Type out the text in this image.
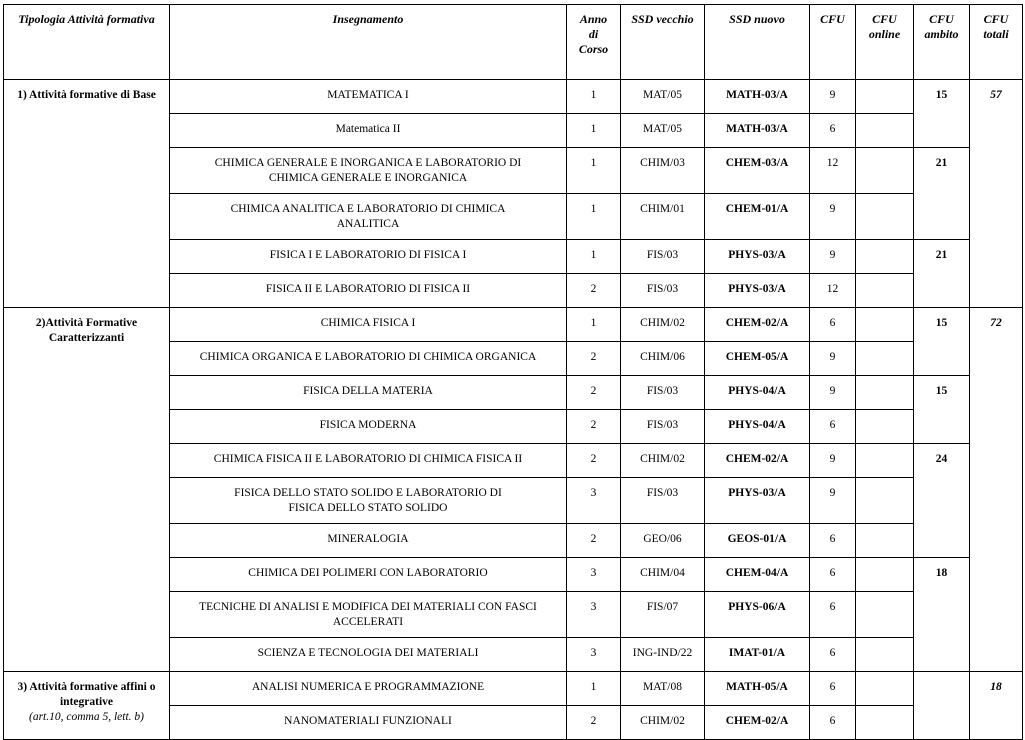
Tipologia Attività formativa	Insegnamento	Anno di Corso	SSD vecchio	SSD nuovo	CFU	CFU online	CFU ambito	CFU totali
1) Attività formative di Base	MATEMATICA I	1	MAT/05	MATH-03/A	9		15	57
	Matematica II	1	MAT/05	MATH-03/A	6			
	CHIMICA GENERALE E INORGANICA E LABORATORIO DI CHIMICA GENERALE E INORGANICA	1	CHIM/03	CHEM-03/A	12		21	
	CHIMICA ANALITICA E LABORATORIO DI CHIMICA ANALITICA	1	CHIM/01	CHEM-01/A	9			
	FISICA I E LABORATORIO DI FISICA I	1	FIS/03	PHYS-03/A	9		21	
	FISICA II E LABORATORIO DI FISICA II	2	FIS/03	PHYS-03/A	12			
2)Attività Formative Caratterizzanti	CHIMICA FISICA I	1	CHIM/02	CHEM-02/A	6		15	72
	CHIMICA ORGANICA E LABORATORIO DI CHIMICA ORGANICA	2	CHIM/06	CHEM-05/A	9			
	FISICA DELLA MATERIA	2	FIS/03	PHYS-04/A	9		15	
	FISICA MODERNA	2	FIS/03	PHYS-04/A	6			
	CHIMICA FISICA II E LABORATORIO DI CHIMICA FISICA II	2	CHIM/02	CHEM-02/A	9		24	
	FISICA DELLO STATO SOLIDO E LABORATORIO DI FISICA DELLO STATO SOLIDO	3	FIS/03	PHYS-03/A	9			
	MINERALOGIA	2	GEO/06	GEOS-01/A	6			
	CHIMICA DEI POLIMERI CON LABORATORIO	3	CHIM/04	CHEM-04/A	6		18	
	TECNICHE DI ANALISI E MODIFICA DEI MATERIALI CON FASCI ACCELERATI	3	FIS/07	PHYS-06/A	6			
	SCIENZA E TECNOLOGIA DEI MATERIALI	3	ING-IND/22	IMAT-01/A	6			
3) Attività formative affini o integrative
(art.10, comma 5, lett. b)	ANALISI NUMERICA E PROGRAMMAZIONE	1	MAT/08	MATH-05/A	6			18
	NANOMATERIALI FUNZIONALI	2	CHIM/02	CHEM-02/A	6			
